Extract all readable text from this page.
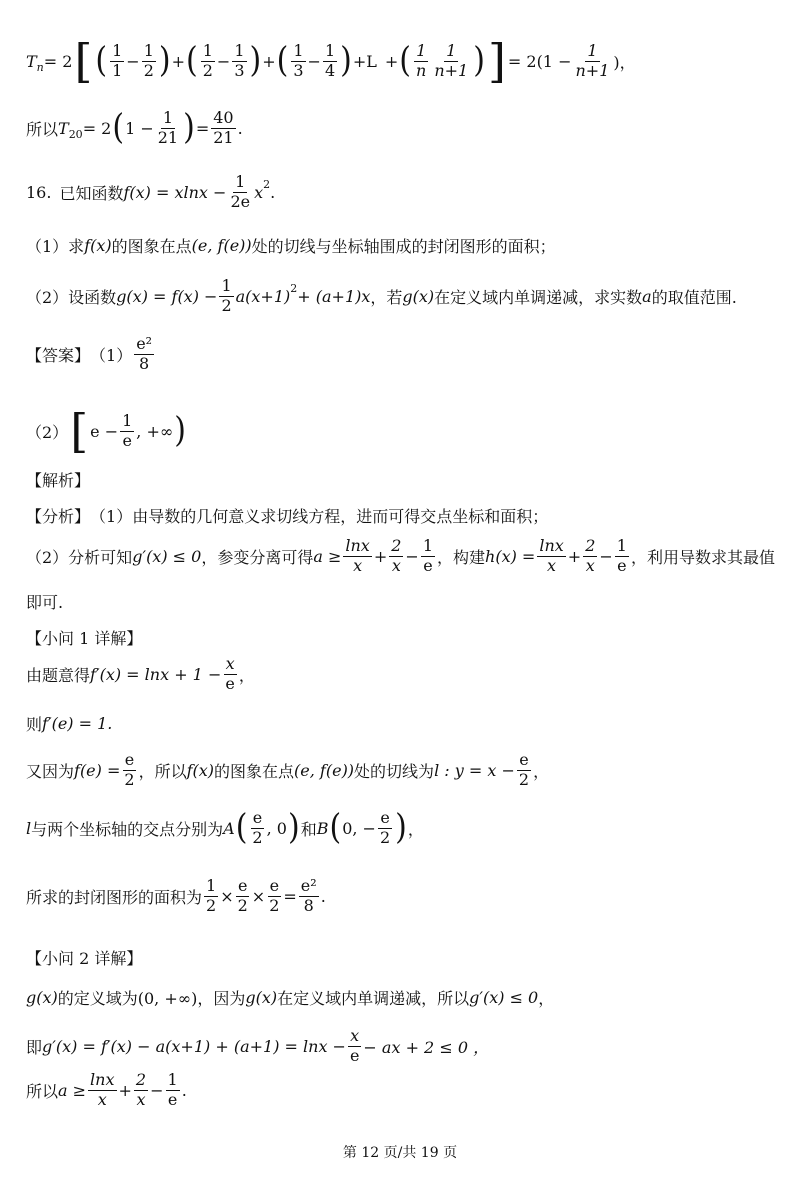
T n = 2 [ ( $\frac{1}{1} - \frac{1}{2}$ ) + ( $\frac{1}{2} - \frac{1}{3}$ ) + ( $\frac{1}{3} - \frac{1}{4}$ ) +L + ( $\frac{1}{n} \frac{1}{n+1}$ ) ] = $2(1 - \frac{1}{n+1}$ )，
所以 T 20 = 2 ( $1 - \frac{1}{21}$ ) = $\frac{40}{21}$ .
16. 已知函数 $f(x) = xlnx - \frac{1}{2e}$ x 2 .
（1）求 f(x) 的图象在点 (e, f(e)) 处的切线与坐标轴围成的封闭图形的面积；
（2）设函数 $g(x) = f(x) - \frac{1}{2} a(x+1) 2 + (a+1)x$ ，若 g(x) 在定义域内单调递减，求实数 a 的取值范围.
【答案】 $(1) \frac{\text{e²}}{8}$
（2） [ $e - \frac{1}{e}$ , +∞ )
【解析】
【分析】 （1）由导数的几何意义求切线方程，进而可得交点坐标和面积；
（2）分析可知 g′(x) ≤ 0 ，参变分离可得 $a \ge \frac{\ln x}{x} + \frac{2}{x} - \frac{1}{e}$ ，构建 $h(x) = \frac{\ln x}{x} + \frac{2}{x} - \frac{1}{e}$ ，利用导数求其最值
即可.
【小问 1 详解】
由题意得 $f'(x) = \ln x + 1 - \frac{x}{e}$ ，
则 f′(e) = 1.
又因为 $f(e) = \frac{e}{2}$ ，所以 f(x) 的图象在点 (e, f(e)) 处的切线为 l : $y = x - \frac{e}{2}$ ，
l 与两个坐标轴的交点分别为 A ( $\frac{e}{2}$ , 0 ) 和 B ( 0, − $\frac{e}{2}$ ) ，
所求的封闭图形的面积为 $\frac{1}{2} \times \frac{e}{2} \times \frac{e}{2} = \frac{\text{e²}}{8}$ .
【小问 2 详解】
g(x) 的定义域为(0, +∞)，因为 g(x) 在定义域内单调递减，所以 g′(x) ≤ 0 ，
即 $g'(x) = f'(x) - a(x+1) + (a+1) = \ln x - \frac{x}{e}$ − ax + 2 ≤ 0 ，
所以 $a \ge \frac{\ln x}{x} + \frac{2}{x} - \frac{1}{e}$ .
第 12 页/共 19 页
